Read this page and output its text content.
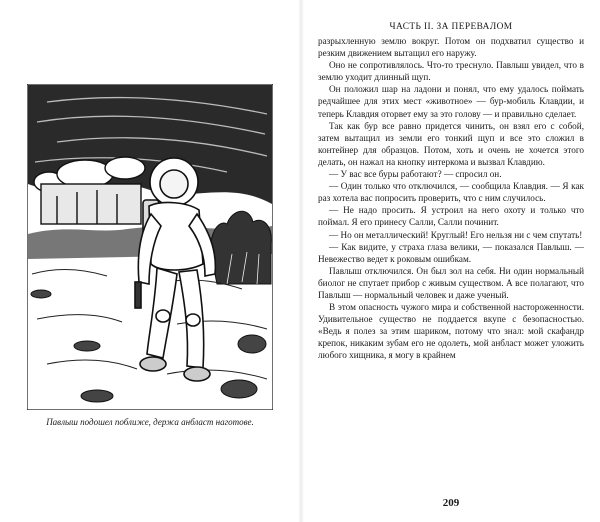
Павлыш подошел поближе, держа анбласт наготове.
ЧАСТЬ II. ЗА ПЕРЕВАЛОМ

разрыхленную землю вокруг. Потом он подхватил существо и резким движением вытащил его наружу.

Оно не сопротивлялось. Что-то треснуло. Павлыш увидел, что в землю уходит длинный щуп.

Он положил шар на ладони и понял, что ему удалось поймать редчайшее для этих мест «животное» — бур-мобиль Клавдии, и теперь Клавдия оторвет ему за это голову — и правильно сделает.

Так как бур все равно придется чинить, он взял его с собой, затем вытащил из земли его тонкий щуп и все это сложил в контейнер для образцов. Потом, хоть и очень не хочется этого делать, он нажал на кнопку интеркома и вызвал Клавдию.

— У вас все буры работают? — спросил он.

— Один только что отключился, — сообщила Клавдия. — Я как раз хотела вас попросить проверить, что с ним случилось.

— Не надо просить. Я устроил на него охоту и только что поймал. Я его принесу Салли, Салли починит.

— Но он металлический! Круглый! Его нельзя ни с чем спутать!

— Как видите, у страха глаза велики, — показался Павлыш. — Невежество ведет к роковым ошибкам.

Павлыш отключился. Он был зол на себя. Ни один нормальный биолог не спутает прибор с живым существом. А все полагают, что Павлыш — нормальный человек и даже ученый.

В этом опасность чужого мира и собственной настороженности. Удивительное существо не поддается вкупе с безопасностью. «Ведь я полез за этим шариком, потому что знал: мой скафандр крепок, никаким зубам его не одолеть, мой анбласт может уложить любого хищника, я могу в крайнем

209
